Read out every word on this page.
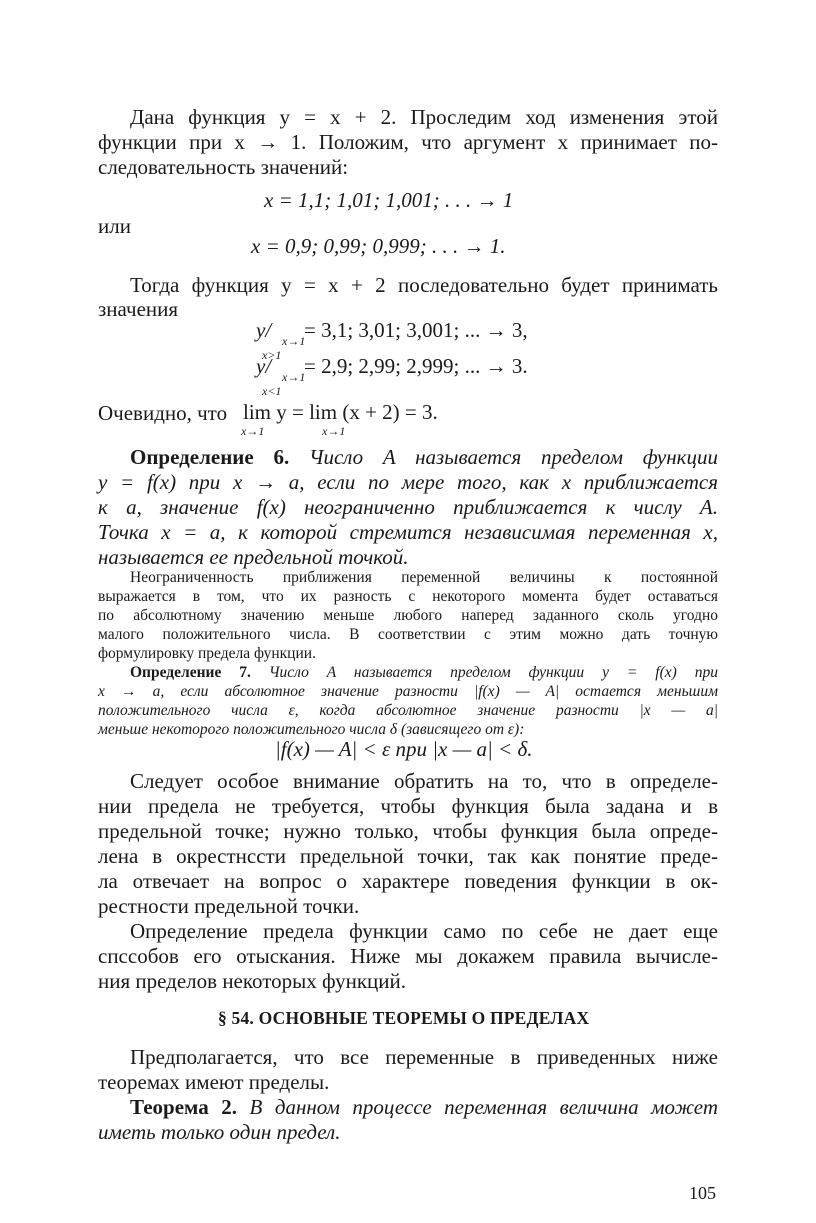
Дана функция y = x + 2. Проследим ход изменения этой
функции при x → 1. Положим, что аргумент x принимает по-
следовательность значений:
x = 1,1; 1,01; 1,001; . . . → 1
или
x = 0,9; 0,99; 0,999; . . . → 1.
Тогда функция y = x + 2 последовательно будет принимать
значения
y/ x→1
x>1
= 3,1; 3,01; 3,001; ... → 3,
y/ x→1
x<1
= 2,9; 2,99; 2,999; ... → 3.
Очевидно, что lim y = lim (x + 2) = 3.
x→1	x→1
Определение 6. Число A называется пределом функции
y = f(x) при x → a, если по мере того, как x приближается
к a, значение f(x) неограниченно приближается к числу A.
Точка x = a, к которой стремится независимая переменная x,
называется ее предельной точкой.
Неограниченность приближения переменной величины к постоянной
выражается в том, что их разность с некоторого момента будет оставаться
по абсолютному значению меньше любого наперед заданного сколь угодно
малого положительного числа. В соответствии с этим можно дать точную
формулировку предела функции.
Определение 7. Число A называется пределом функции y = f(x) при
x → a, если абсолютное значение разности |f(x) — A| остается меньшим
положительного числа ε, когда абсолютное значение разности |x — a|
меньше некоторого положительного числа δ (зависящего от ε):
|f(x) — A| < ε при |x — a| < δ.
Следует особое внимание обратить на то, что в определе-
нии предела не требуется, чтобы функция была задана и в
предельной точке; нужно только, чтобы функция была опреде-
лена в окрестнсcти предельной точки, так как понятие преде-
ла отвечает на вопрос о характере поведения функции в ок-
рестности предельной точки.
Определение предела функции само по себе не дает еще
спсcобов его отыскания. Ниже мы докажем правила вычисле-
ния пределов некоторых функций.
§ 54. ОСНОВНЫЕ ТЕОРЕМЫ О ПРЕДЕЛАХ
Предполагается, что все переменные в приведенных ниже
теоремах имеют пределы.
Теорема 2. В данном процессе переменная величина может
иметь только один предел.
105
